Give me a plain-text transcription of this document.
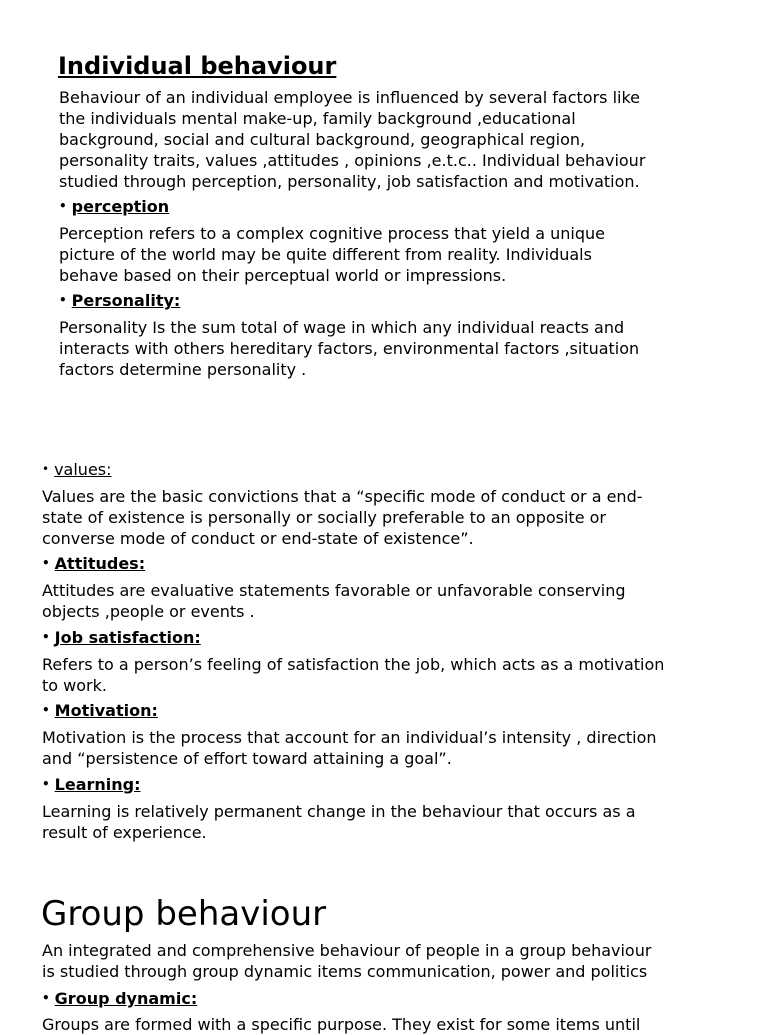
Individual behaviour
Behaviour of an individual employee is influenced by several factors like
the individuals mental make-up, family background ,educational
background, social and cultural background, geographical region,
personality traits, values ,attitudes , opinions ,e.t.c.. Individual behaviour
studied through perception, personality, job satisfaction and motivation.
• perception
Perception refers to a complex cognitive process that yield a unique
picture of the world may be quite different from reality. Individuals
behave based on their perceptual world or impressions.
• Personality:
Personality Is the sum total of wage in which any individual reacts and
interacts with others hereditary factors, environmental factors ,situation
factors determine personality .
• values:
Values are the basic convictions that a “specific mode of conduct or a end-
state of existence is personally or socially preferable to an opposite or
converse mode of conduct or end-state of existence”.
• Attitudes:
Attitudes are evaluative statements favorable or unfavorable conserving
objects ,people or events .
• Job satisfaction:
Refers to a person’s feeling of satisfaction the job, which acts as a motivation
to work.
• Motivation:
Motivation is the process that account for an individual’s intensity , direction
and “persistence of effort toward attaining a goal”.
• Learning:
Learning is relatively permanent change in the behaviour that occurs as a
result of experience.
Group behaviour
An integrated and comprehensive behaviour of people in a group behaviour
is studied through group dynamic items communication, power and politics
• Group dynamic:
Groups are formed with a specific purpose. They exist for some items until
